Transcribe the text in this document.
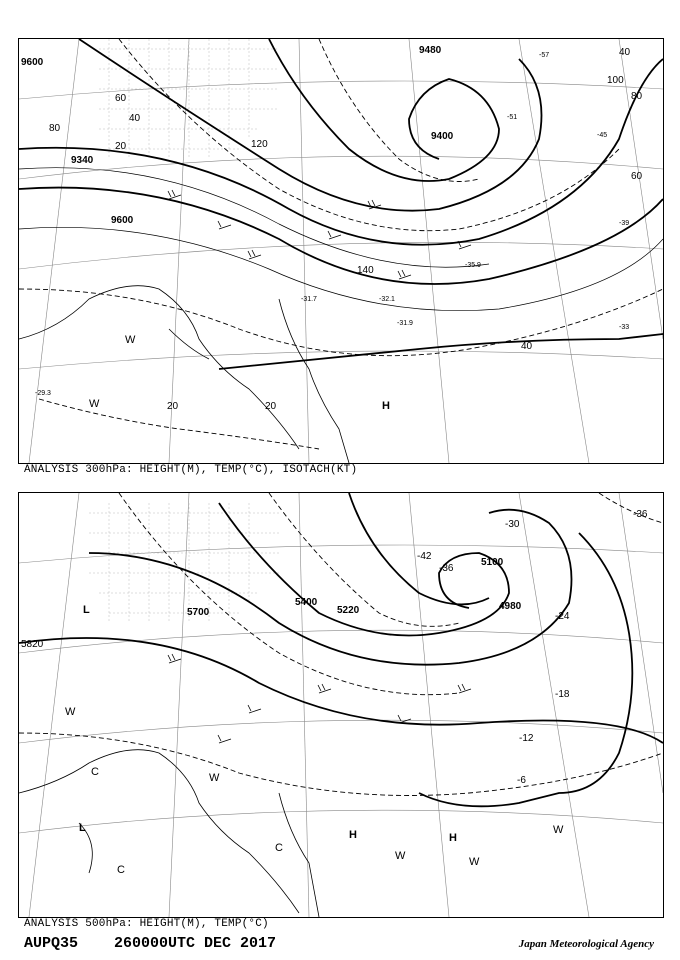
9600
9480
9400
9340
9600
20
40
60
80
100
120
140
60
40
20
40
80
20
-57
-51
-45
-39
-33
-31.7	-32.1
-35.9
-29.3
-31.9
H
W
W
ANALYSIS 300hPa: HEIGHT(M), TEMP(°C), ISOTACH(KT)
5820
5700
5400
5220
5100
4980
-42
-36
-30
-24
-18
-12
-6
-36
L
L
C
C
C
H	H
W
W
W	W
W
ANALYSIS 500hPa: HEIGHT(M), TEMP(°C)
AUPQ35 260000UTC DEC 2017	Japan Meteorological Agency
